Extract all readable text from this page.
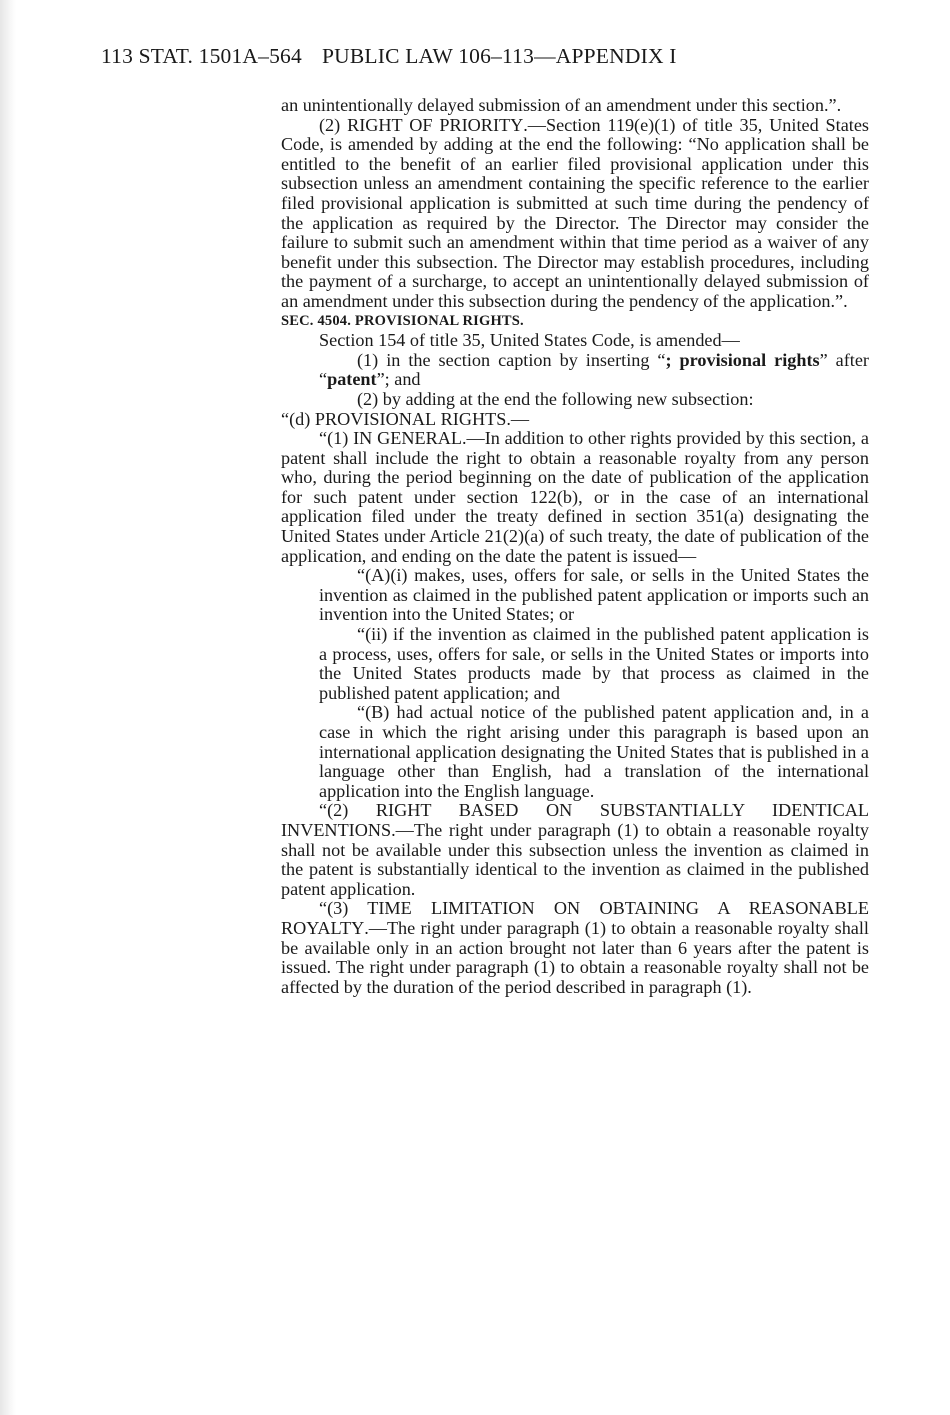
113 STAT. 1501A–564 PUBLIC LAW 106–113—APPENDIX I

an unintentionally delayed submission of an amendment under this section.”.

(2) RIGHT OF PRIORITY.—Section 119(e)(1) of title 35, United States Code, is amended by adding at the end the following: “No application shall be entitled to the benefit of an earlier filed provisional application under this subsection unless an amendment containing the specific reference to the earlier filed provisional application is submitted at such time during the pendency of the application as required by the Director. The Director may consider the failure to submit such an amendment within that time period as a waiver of any benefit under this subsection. The Director may establish procedures, including the payment of a surcharge, to accept an unintentionally delayed submission of an amendment under this subsection during the pendency of the application.”.

SEC. 4504. PROVISIONAL RIGHTS.

Section 154 of title 35, United States Code, is amended—

(1) in the section caption by inserting “; provisional rights” after “patent”; and

(2) by adding at the end the following new subsection:

“(d) PROVISIONAL RIGHTS.—

“(1) IN GENERAL.—In addition to other rights provided by this section, a patent shall include the right to obtain a reasonable royalty from any person who, during the period beginning on the date of publication of the application for such patent under section 122(b), or in the case of an international application filed under the treaty defined in section 351(a) designating the United States under Article 21(2)(a) of such treaty, the date of publication of the application, and ending on the date the patent is issued—

“(A)(i) makes, uses, offers for sale, or sells in the United States the invention as claimed in the published patent application or imports such an invention into the United States; or

“(ii) if the invention as claimed in the published patent application is a process, uses, offers for sale, or sells in the United States or imports into the United States products made by that process as claimed in the published patent application; and

“(B) had actual notice of the published patent application and, in a case in which the right arising under this paragraph is based upon an international application designating the United States that is published in a language other than English, had a translation of the international application into the English language.

“(2) RIGHT BASED ON SUBSTANTIALLY IDENTICAL INVENTIONS.—The right under paragraph (1) to obtain a reasonable royalty shall not be available under this subsection unless the invention as claimed in the patent is substantially identical to the invention as claimed in the published patent application.

“(3) TIME LIMITATION ON OBTAINING A REASONABLE ROYALTY.—The right under paragraph (1) to obtain a reasonable royalty shall be available only in an action brought not later than 6 years after the patent is issued. The right under paragraph (1) to obtain a reasonable royalty shall not be affected by the duration of the period described in paragraph (1).
